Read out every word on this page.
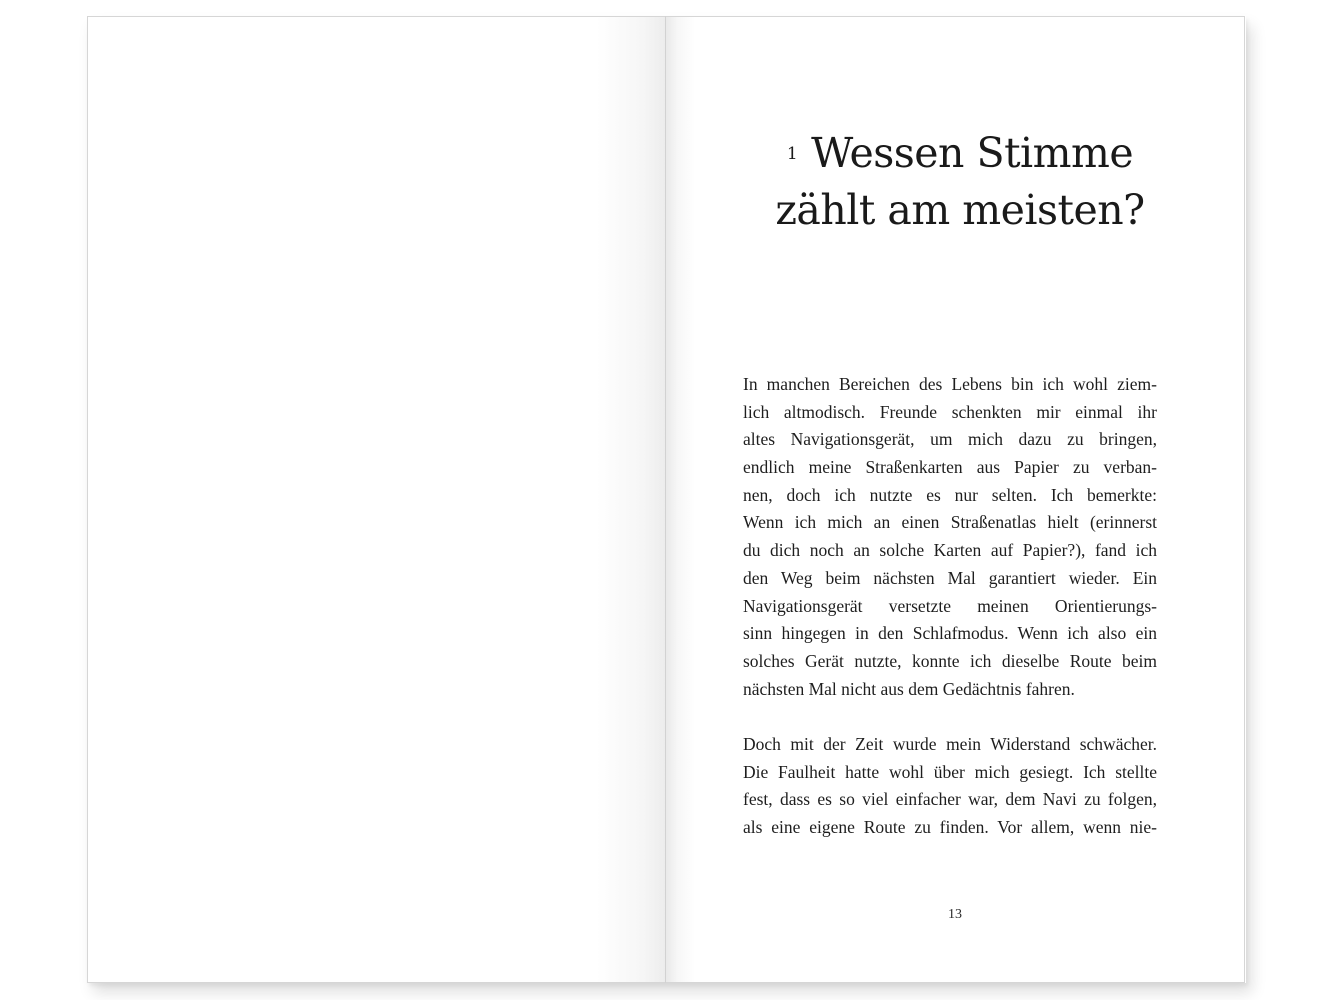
1 Wessen Stimme
zählt am meisten?
In manchen Bereichen des Lebens bin ich wohl ziem-
lich altmodisch. Freunde schenkten mir einmal ihr
altes Navigationsgerät, um mich dazu zu bringen,
endlich meine Straßenkarten aus Papier zu verban-
nen, doch ich nutzte es nur selten. Ich bemerkte:
Wenn ich mich an einen Straßenatlas hielt (erinnerst
du dich noch an solche Karten auf Papier?), fand ich
den Weg beim nächsten Mal garantiert wieder. Ein
Navigationsgerät versetzte meinen Orientierungs-
sinn hingegen in den Schlafmodus. Wenn ich also ein
solches Gerät nutzte, konnte ich dieselbe Route beim
nächsten Mal nicht aus dem Gedächtnis fahren.
Doch mit der Zeit wurde mein Widerstand schwächer.
Die Faulheit hatte wohl über mich gesiegt. Ich stellte
fest, dass es so viel einfacher war, dem Navi zu folgen,
als eine eigene Route zu finden. Vor allem, wenn nie-
13
